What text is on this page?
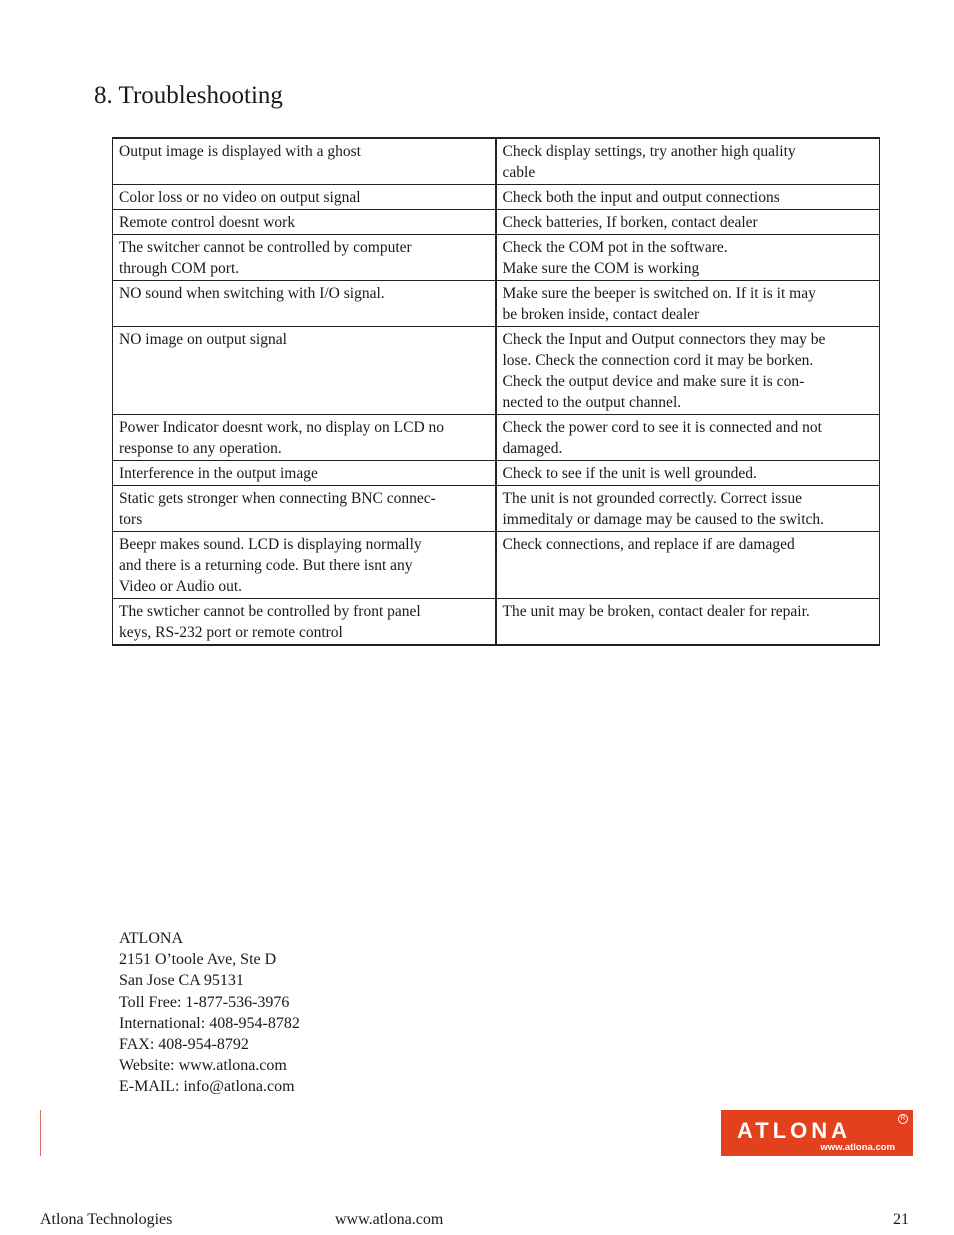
8. Troubleshooting
Output image is displayed with a ghost	Check display settings, try another high quality
cable

Color loss or no video on output signal	Check both the input and output connections

Remote control doesnt work	Check batteries, If borken, contact dealer

The switcher cannot be controlled by computer
through COM port.	Check the COM pot in the software.
Make sure the COM is working

NO sound when switching with I/O signal.	Make sure the beeper is switched on. If it is it may
be broken inside, contact dealer

NO image on output signal	Check the Input and Output connectors they may be
lose. Check the connection cord it may be borken.
Check the output device and make sure it is con-
nected to the output channel.

Power Indicator doesnt work, no display on LCD no
response to any operation.	Check the power cord to see it is connected and not
damaged.

Interference in the output image	Check to see if the unit is well grounded.

Static gets stronger when connecting BNC connec-
tors	The unit is not grounded correctly. Correct issue
immeditaly or damage may be caused to the switch.

Beepr makes sound. LCD is displaying normally
and there is a returning code. But there isnt any
Video or Audio out.	Check connections, and replace if are damaged

The swticher cannot be controlled by front panel
keys, RS-232 port or remote control	The unit may be broken, contact dealer for repair.
ATLONA
2151 O’toole Ave, Ste D
San Jose CA 95131
Toll Free: 1-877-536-3976
International: 408-954-8782
FAX: 408-954-8792
Website: www.atlona.com
E-MAIL: info@atlona.com
ATLONA	R
www.atlona.com
Atlona Technologies	www.atlona.com	21
